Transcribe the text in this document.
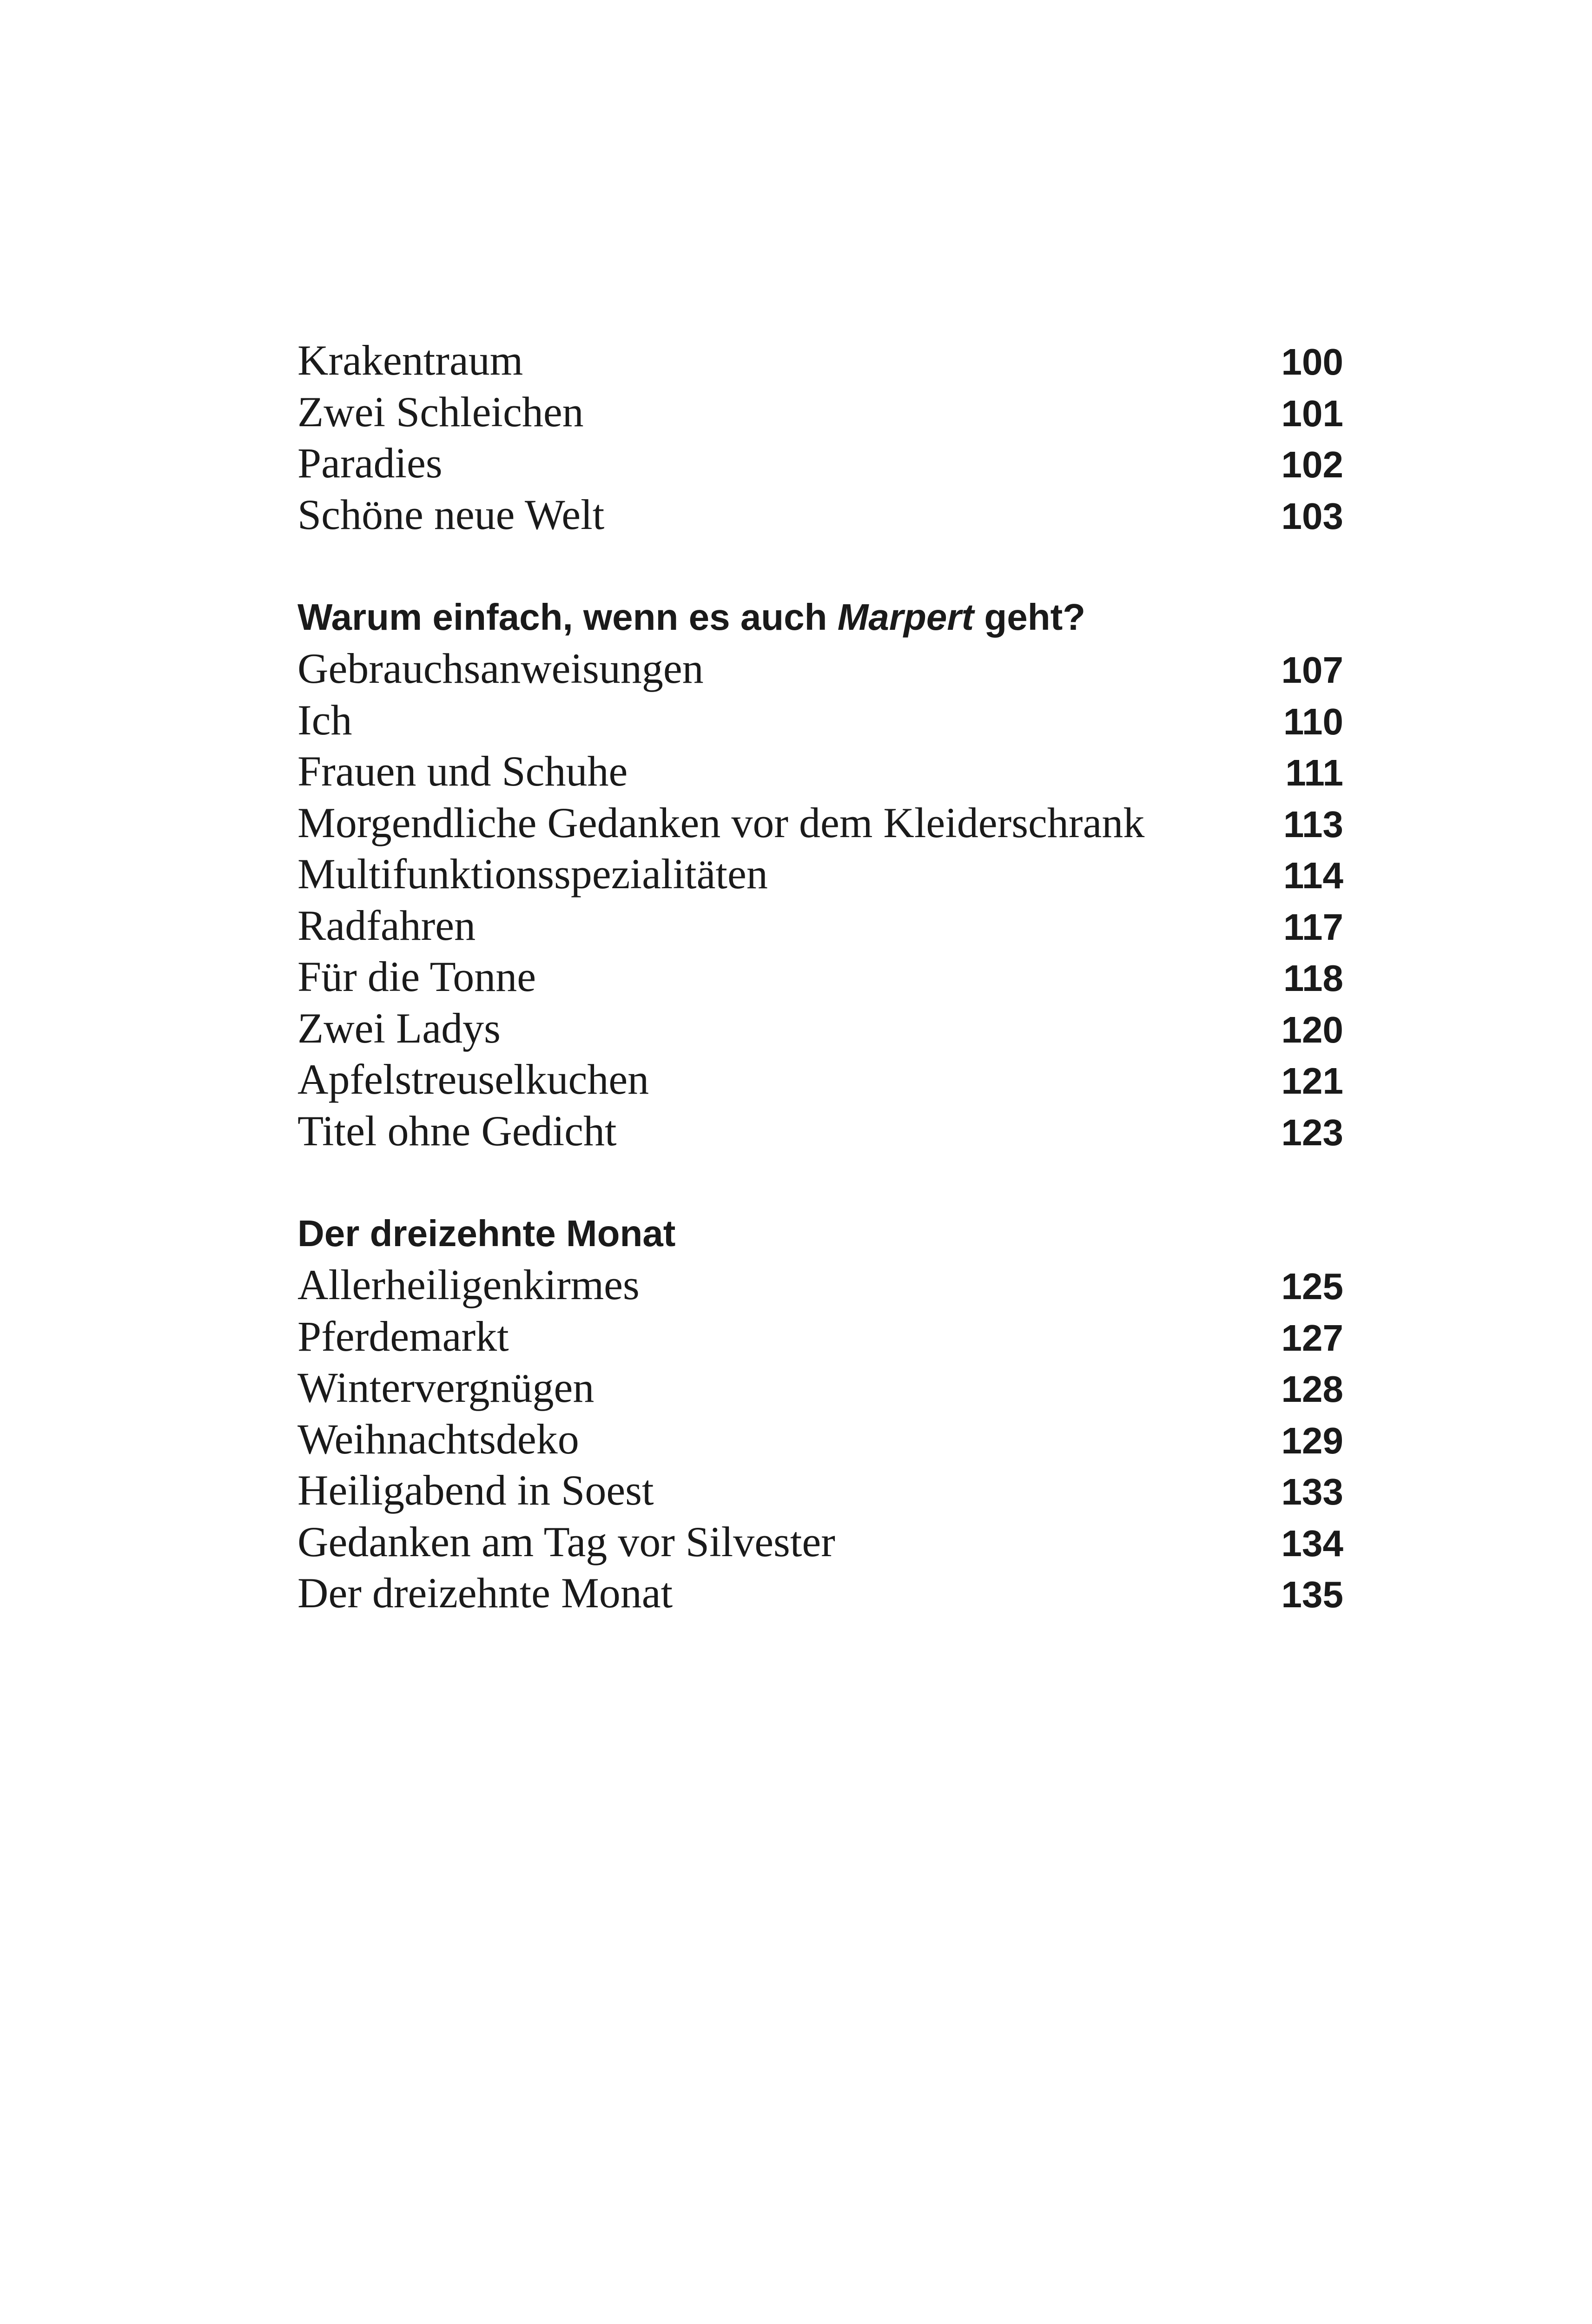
Krakentraum	100
Zwei Schleichen	101
Paradies	102
Schöne neue Welt	103
Warum einfach, wenn es auch Marpert geht?
Gebrauchsanweisungen	107
Ich	110
Frauen und Schuhe	111
Morgendliche Gedanken vor dem Kleiderschrank	113
Multifunktionsspezialitäten	114
Radfahren	117
Für die Tonne	118
Zwei Ladys	120
Apfelstreuselkuchen	121
Titel ohne Gedicht	123
Der dreizehnte Monat
Allerheiligenkirmes	125
Pferdemarkt	127
Wintervergnügen	128
Weihnachtsdeko	129
Heiligabend in Soest	133
Gedanken am Tag vor Silvester	134
Der dreizehnte Monat	135
